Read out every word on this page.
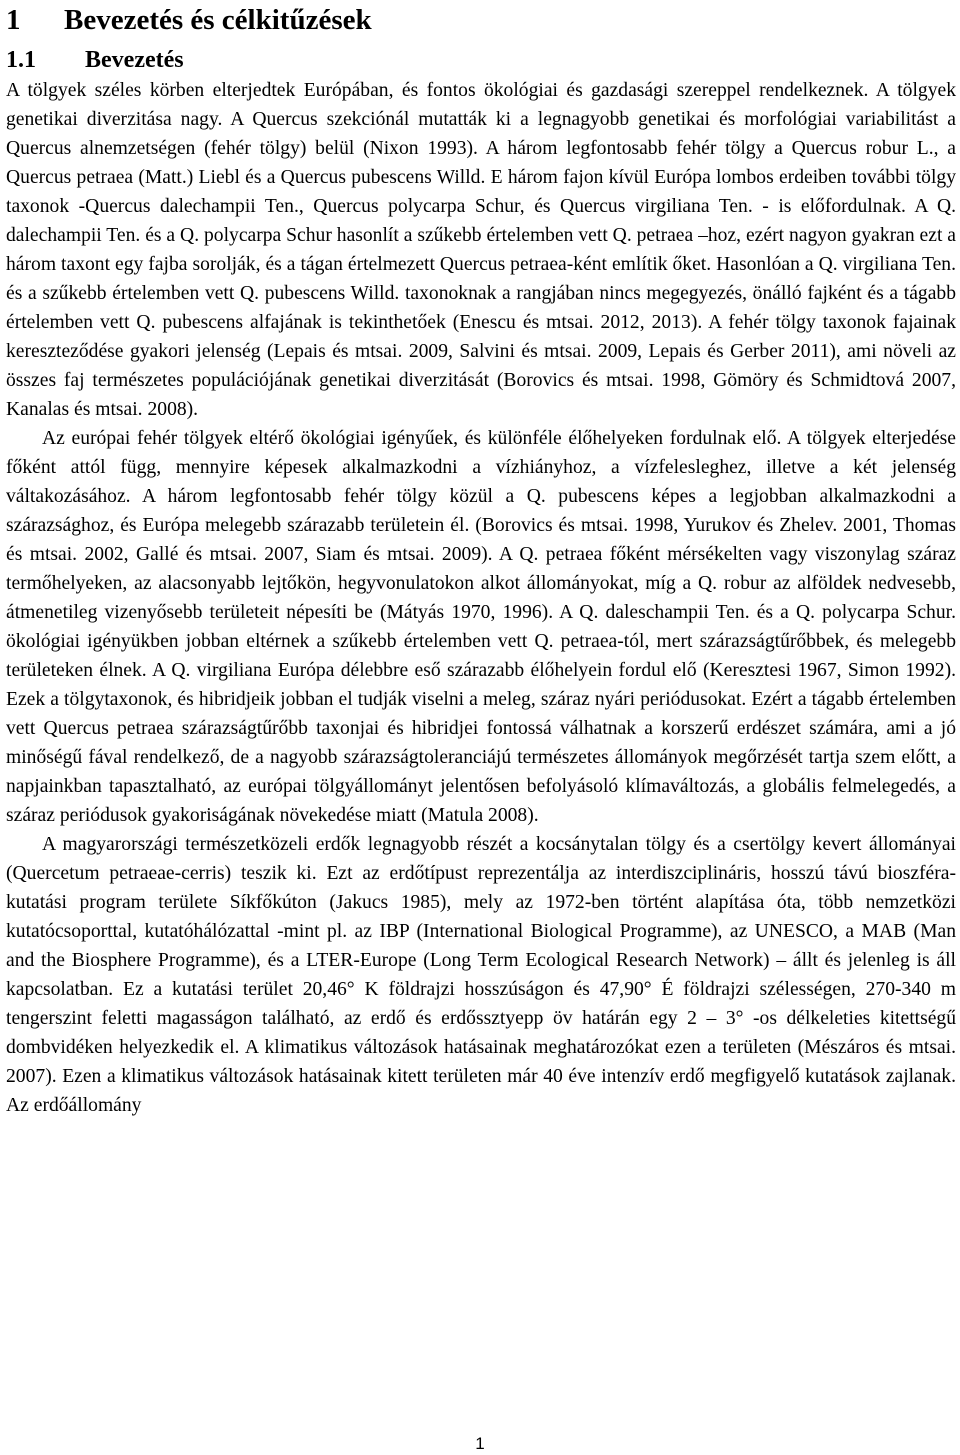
1 Bevezetés és célkitűzések
1.1 Bevezetés

A tölgyek széles körben elterjedtek Európában, és fontos ökológiai és gazdasági szereppel rendelkeznek. A tölgyek genetikai diverzitása nagy. A Quercus szekciónál mutatták ki a legnagyobb genetikai és morfológiai variabilitást a Quercus alnemzetségen (fehér tölgy) belül (Nixon 1993). A három legfontosabb fehér tölgy a Quercus robur L., a Quercus petraea (Matt.) Liebl és a Quercus pubescens Willd. E három fajon kívül Európa lombos erdeiben további tölgy taxonok -Quercus dalechampii Ten., Quercus polycarpa Schur, és Quercus virgiliana Ten. - is előfordulnak. A Q. dalechampii Ten. és a Q. polycarpa Schur hasonlít a szűkebb értelemben vett Q. petraea –hoz, ezért nagyon gyakran ezt a három taxont egy fajba sorolják, és a tágan értelmezett Quercus petraea-ként említik őket. Hasonlóan a Q. virgiliana Ten. és a szűkebb értelemben vett Q. pubescens Willd. taxonoknak a rangjában nincs megegyezés, önálló fajként és a tágabb értelemben vett Q. pubescens alfajának is tekinthetőek (Enescu és mtsai. 2012, 2013). A fehér tölgy taxonok fajainak kereszteződése gyakori jelenség (Lepais és mtsai. 2009, Salvini és mtsai. 2009, Lepais és Gerber 2011), ami növeli az összes faj természetes populációjának genetikai diverzitását (Borovics és mtsai. 1998, Gömöry és Schmidtová 2007, Kanalas és mtsai. 2008).

Az európai fehér tölgyek eltérő ökológiai igényűek, és különféle élőhelyeken fordulnak elő. A tölgyek elterjedése főként attól függ, mennyire képesek alkalmazkodni a vízhiányhoz, a vízfelesleghez, illetve a két jelenség váltakozásához. A három legfontosabb fehér tölgy közül a Q. pubescens képes a legjobban alkalmazkodni a szárazsághoz, és Európa melegebb szárazabb területein él. (Borovics és mtsai. 1998, Yurukov és Zhelev. 2001, Thomas és mtsai. 2002, Gallé és mtsai. 2007, Siam és mtsai. 2009). A Q. petraea főként mérsékelten vagy viszonylag száraz termőhelyeken, az alacsonyabb lejtőkön, hegyvonulatokon alkot állományokat, míg a Q. robur az alföldek nedvesebb, átmenetileg vizenyősebb területeit népesíti be (Mátyás 1970, 1996). A Q. daleschampii Ten. és a Q. polycarpa Schur. ökológiai igényükben jobban eltérnek a szűkebb értelemben vett Q. petraea-tól, mert szárazságtűrőbbek, és melegebb területeken élnek. A Q. virgiliana Európa délebbre eső szárazabb élőhelyein fordul elő (Keresztesi 1967, Simon 1992). Ezek a tölgytaxonok, és hibridjeik jobban el tudják viselni a meleg, száraz nyári periódusokat. Ezért a tágabb értelemben vett Quercus petraea szárazságtűrőbb taxonjai és hibridjei fontossá válhatnak a korszerű erdészet számára, ami a jó minőségű fával rendelkező, de a nagyobb szárazságtoleranciájú természetes állományok megőrzését tartja szem előtt, a napjainkban tapasztalható, az európai tölgyállományt jelentősen befolyásoló klímaváltozás, a globális felmelegedés, a száraz periódusok gyakoriságának növekedése miatt (Matula 2008).

A magyarországi természetközeli erdők legnagyobb részét a kocsánytalan tölgy és a csertölgy kevert állományai (Quercetum petraeae-cerris) teszik ki. Ezt az erdőtípust reprezentálja az interdiszciplináris, hosszú távú bioszféra-kutatási program területe Síkfőkúton (Jakucs 1985), mely az 1972-ben történt alapítása óta, több nemzetközi kutatócsoporttal, kutatóhálózattal -mint pl. az IBP (International Biological Programme), az UNESCO, a MAB (Man and the Biosphere Programme), és a LTER-Europe (Long Term Ecological Research Network) – állt és jelenleg is áll kapcsolatban. Ez a kutatási terület 20,46° K földrajzi hosszúságon és 47,90° É földrajzi szélességen, 270-340 m tengerszint feletti magasságon található, az erdő és erdőssztyepp öv határán egy 2 – 3° -os délkeleties kitettségű dombvidéken helyezkedik el. A klimatikus változások hatásainak meghatározókat ezen a területen (Mészáros és mtsai. 2007). Ezen a klimatikus változások hatásainak kitett területen már 40 éve intenzív erdő megfigyelő kutatások zajlanak. Az erdőállomány

1
